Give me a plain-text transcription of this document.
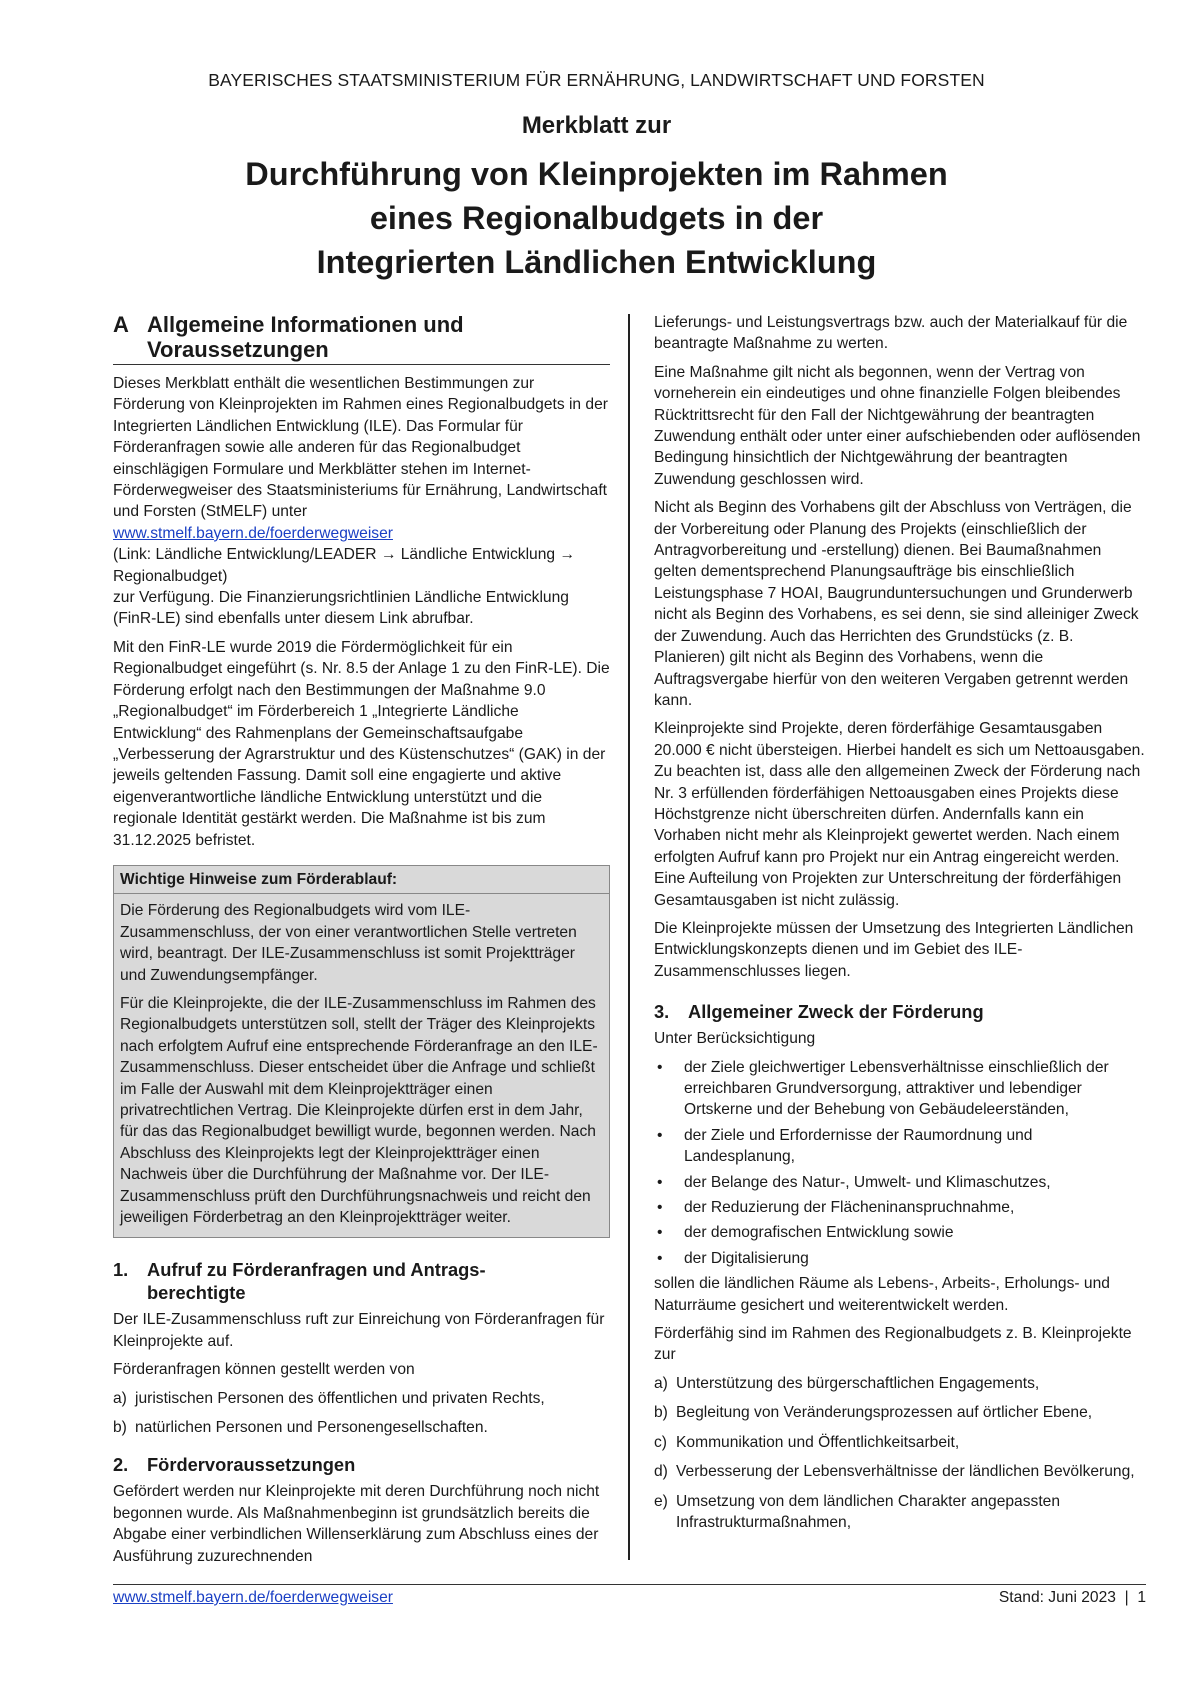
BAYERISCHES STAATSMINISTERIUM FÜR ERNÄHRUNG, LANDWIRTSCHAFT UND FORSTEN
Merkblatt zur
Durchführung von Kleinprojekten im Rahmen
eines Regionalbudgets in der
Integrierten Ländlichen Entwicklung
A Allgemeine Informationen und
Voraussetzungen

Dieses Merkblatt enthält die wesentlichen Bestimmungen zur Förderung von Kleinprojekten im Rahmen eines Regionalbudgets in der Integrierten Ländlichen Entwicklung (ILE). Das Formular für Förderanfragen sowie alle anderen für das Regionalbudget einschlägigen Formulare und Merkblätter stehen im Internet-Förderwegweiser des Staatsministeriums für Ernährung, Landwirtschaft und Forsten (StMELF) unter
www.stmelf.bayern.de/foerderwegweiser
(Link: Ländliche Entwicklung/LEADER → Ländliche Entwicklung → Regionalbudget)
zur Verfügung. Die Finanzierungsrichtlinien Ländliche Entwicklung (FinR-LE) sind ebenfalls unter diesem Link abrufbar.

Mit den FinR-LE wurde 2019 die Fördermöglichkeit für ein Regionalbudget eingeführt (s. Nr. 8.5 der Anlage 1 zu den FinR-LE). Die Förderung erfolgt nach den Bestimmungen der Maßnahme 9.0 „Regionalbudget“ im Förderbereich 1 „Integrierte Ländliche Entwicklung“ des Rahmenplans der Gemeinschaftsaufgabe „Verbesserung der Agrarstruktur und des Küstenschutzes“ (GAK) in der jeweils geltenden Fassung. Damit soll eine engagierte und aktive eigenverantwortliche ländliche Entwicklung unterstützt und die regionale Identität gestärkt werden. Die Maßnahme ist bis zum 31.12.2025 befristet.

Wichtige Hinweise zum Förderablauf:

Die Förderung des Regionalbudgets wird vom ILE-Zusammenschluss, der von einer verantwortlichen Stelle vertreten wird, beantragt. Der ILE-Zusammenschluss ist somit Projektträger und Zuwendungsempfänger.

Für die Kleinprojekte, die der ILE-Zusammenschluss im Rahmen des Regionalbudgets unterstützen soll, stellt der Träger des Kleinprojekts nach erfolgtem Aufruf eine entsprechende Förderanfrage an den ILE-Zusammenschluss. Dieser entscheidet über die Anfrage und schließt im Falle der Auswahl mit dem Kleinprojektträger einen privatrechtlichen Vertrag. Die Kleinprojekte dürfen erst in dem Jahr, für das das Regionalbudget bewilligt wurde, begonnen werden. Nach Abschluss des Kleinprojekts legt der Kleinprojektträger einen Nachweis über die Durchführung der Maßnahme vor. Der ILE-Zusammenschluss prüft den Durchführungsnachweis und reicht den jeweiligen Förderbetrag an den Kleinprojektträger weiter.

1. Aufruf zu Förderanfragen und Antrags-
berechtigte

Der ILE-Zusammenschluss ruft zur Einreichung von Förderanfragen für Kleinprojekte auf.

Förderanfragen können gestellt werden von

a) juristischen Personen des öffentlichen und privaten Rechts,
b) natürlichen Personen und Personengesellschaften.
2. Fördervoraussetzungen

Gefördert werden nur Kleinprojekte mit deren Durchführung noch nicht begonnen wurde. Als Maßnahmenbeginn ist grundsätzlich bereits die Abgabe einer verbindlichen Willenserklärung zum Abschluss eines der Ausführung zuzurechnenden

Lieferungs- und Leistungsvertrags bzw. auch der Materialkauf für die beantragte Maßnahme zu werten.

Eine Maßnahme gilt nicht als begonnen, wenn der Vertrag von vorneherein ein eindeutiges und ohne finanzielle Folgen bleibendes Rücktrittsrecht für den Fall der Nichtgewährung der beantragten Zuwendung enthält oder unter einer aufschiebenden oder auflösenden Bedingung hinsichtlich der Nichtgewährung der beantragten Zuwendung geschlossen wird.

Nicht als Beginn des Vorhabens gilt der Abschluss von Verträgen, die der Vorbereitung oder Planung des Projekts (einschließlich der Antragvorbereitung und -erstellung) dienen. Bei Baumaßnahmen gelten dementsprechend Planungsaufträge bis einschließlich Leistungsphase 7 HOAI, Baugrunduntersuchungen und Grunderwerb nicht als Beginn des Vorhabens, es sei denn, sie sind alleiniger Zweck der Zuwendung. Auch das Herrichten des Grundstücks (z. B. Planieren) gilt nicht als Beginn des Vorhabens, wenn die Auftragsvergabe hierfür von den weiteren Vergaben getrennt werden kann.

Kleinprojekte sind Projekte, deren förderfähige Gesamtausgaben 20.000 € nicht übersteigen. Hierbei handelt es sich um Nettoausgaben. Zu beachten ist, dass alle den allgemeinen Zweck der Förderung nach Nr. 3 erfüllenden förderfähigen Nettoausgaben eines Projekts diese Höchstgrenze nicht überschreiten dürfen. Andernfalls kann ein Vorhaben nicht mehr als Kleinprojekt gewertet werden. Nach einem erfolgten Aufruf kann pro Projekt nur ein Antrag eingereicht werden. Eine Aufteilung von Projekten zur Unterschreitung der förderfähigen Gesamtausgaben ist nicht zulässig.

Die Kleinprojekte müssen der Umsetzung des Integrierten Ländlichen Entwicklungskonzepts dienen und im Gebiet des ILE-Zusammenschlusses liegen.

3. Allgemeiner Zweck der Förderung

Unter Berücksichtigung

• der Ziele gleichwertiger Lebensverhältnisse einschließlich der erreichbaren Grundversorgung, attraktiver und lebendiger Ortskerne und der Behebung von Gebäudeleerständen,
• der Ziele und Erfordernisse der Raumordnung und Landesplanung,
• der Belange des Natur-, Umwelt- und Klimaschutzes,
• der Reduzierung der Flächeninanspruchnahme,
• der demografischen Entwicklung sowie
• der Digitalisierung

sollen die ländlichen Räume als Lebens-, Arbeits-, Erholungs- und Naturräume gesichert und weiterentwickelt werden.

Förderfähig sind im Rahmen des Regionalbudgets z. B. Kleinprojekte zur

a) Unterstützung des bürgerschaftlichen Engagements,
b) Begleitung von Veränderungsprozessen auf örtlicher Ebene,
c) Kommunikation und Öffentlichkeitsarbeit,
d) Verbesserung der Lebensverhältnisse der ländlichen Bevölkerung,
e) Umsetzung von dem ländlichen Charakter angepassten Infrastrukturmaßnahmen,
www.stmelf.bayern.de/foerderwegweiser	Stand: Juni 2023  |  1
